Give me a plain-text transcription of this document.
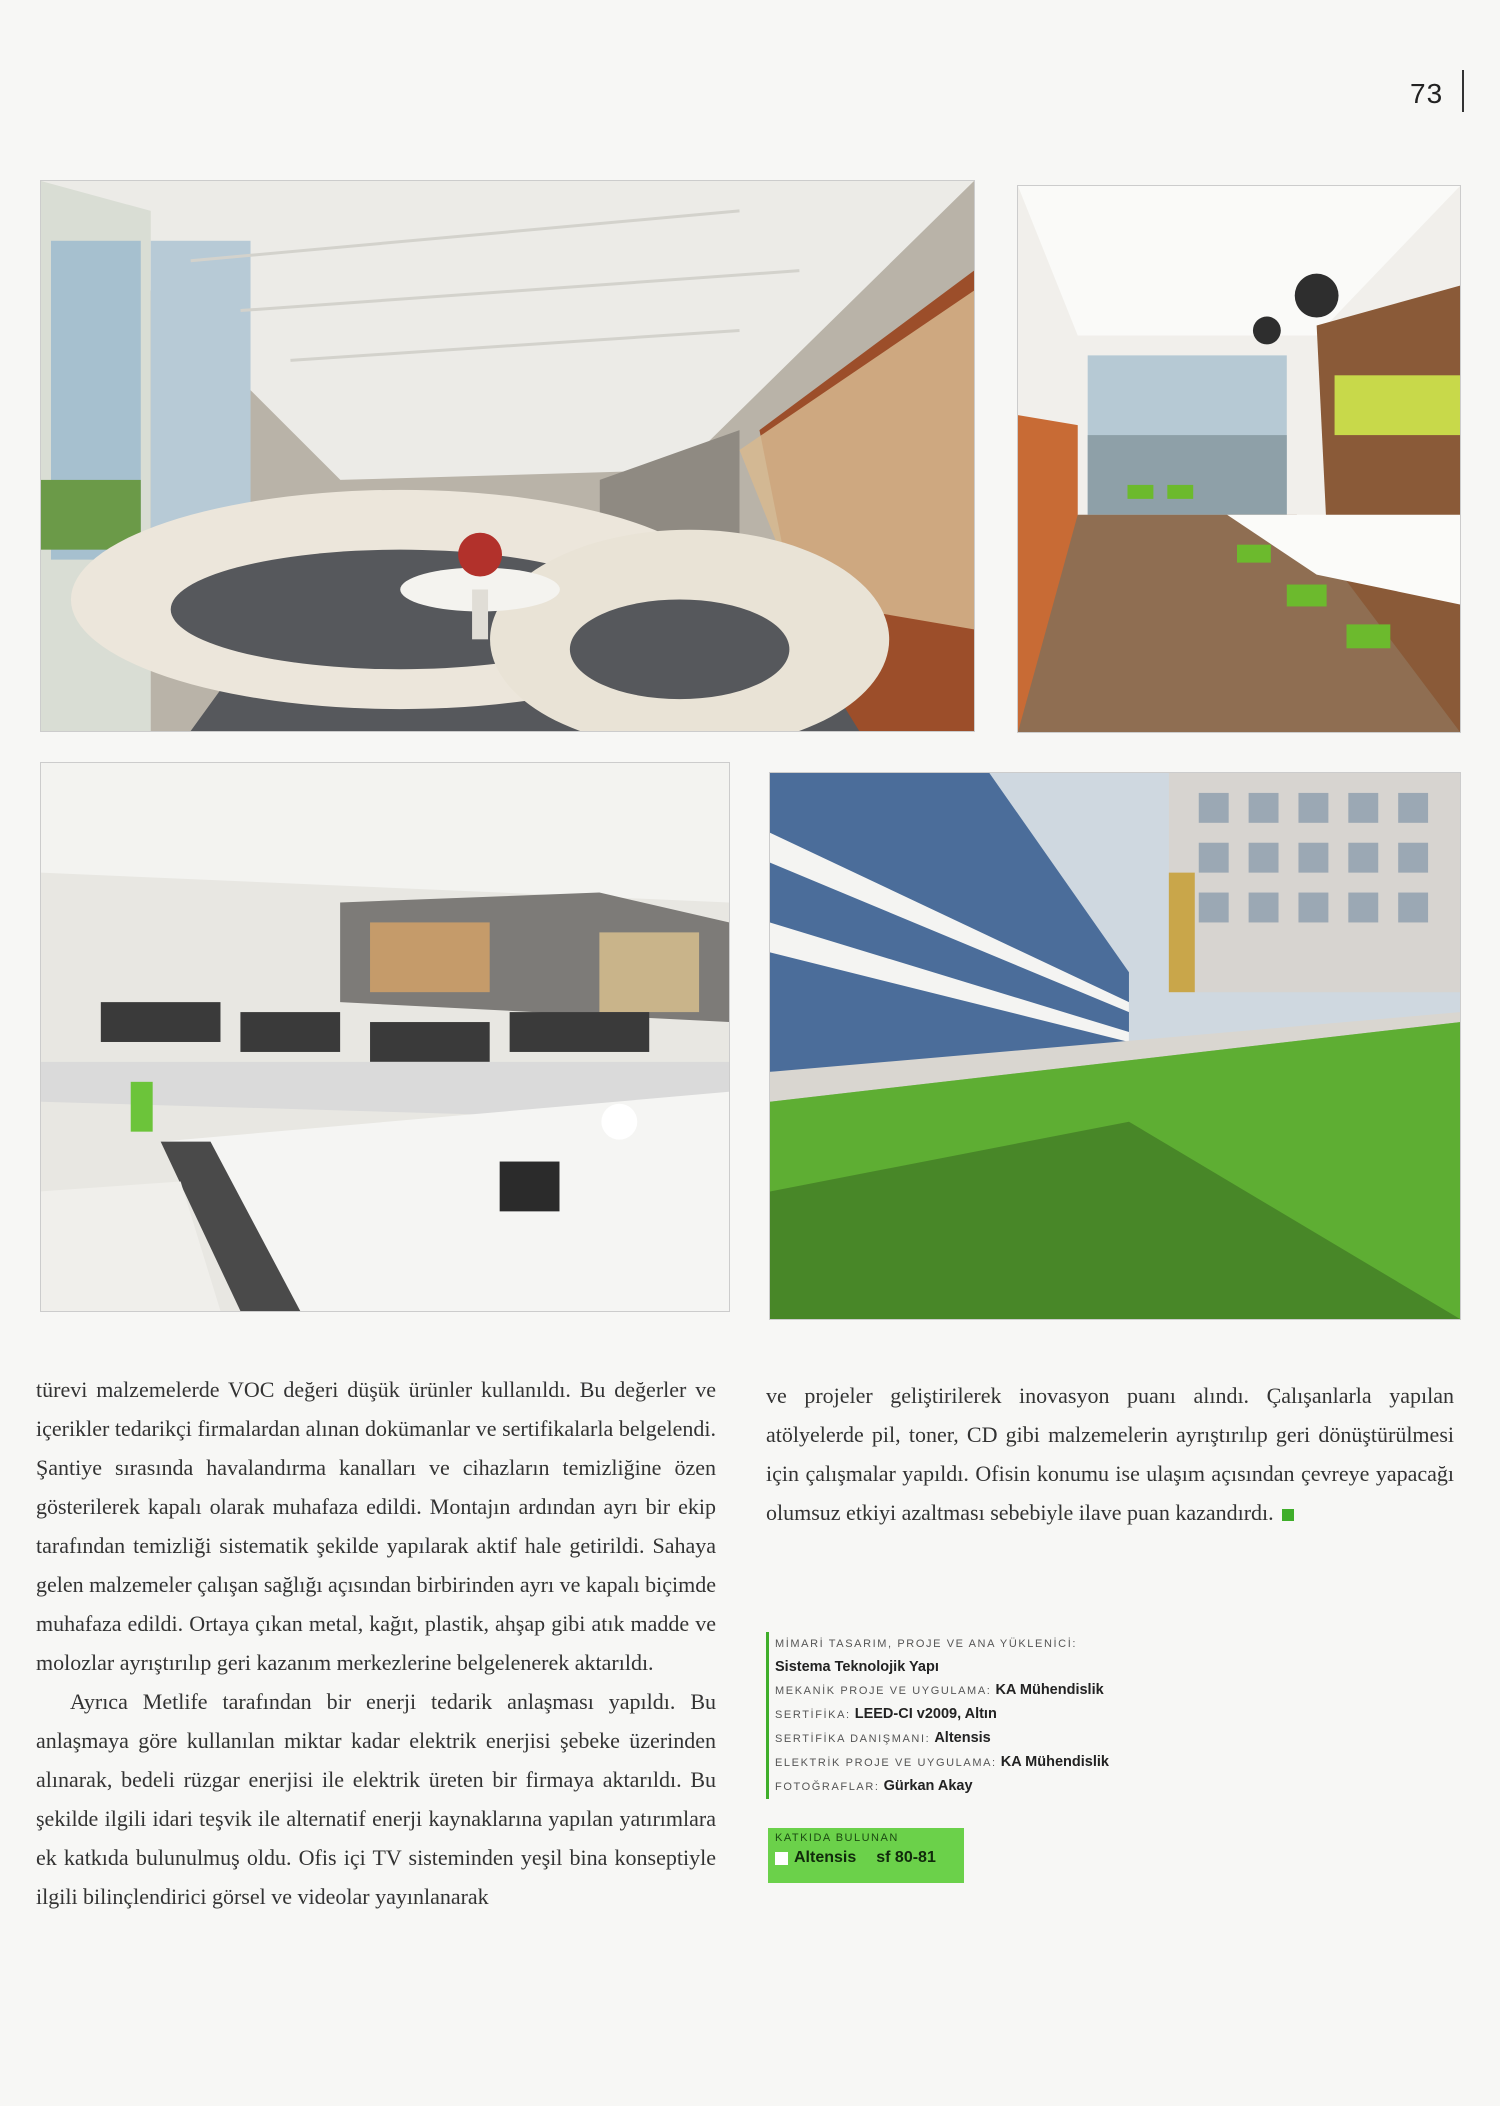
73

türevi malzemelerde VOC değeri düşük ürünler kullanıldı. Bu değerler ve içerikler tedarikçi firmalardan alınan dokümanlar ve sertifikalarla belgelendi. Şantiye sırasında havalandırma kanalları ve cihazların temizliğine özen gösterilerek kapalı olarak muhafaza edildi. Montajın ardından ayrı bir ekip tarafından temizliği sistematik şekilde yapılarak aktif hale getirildi. Sahaya gelen malzemeler çalışan sağlığı açısından birbirinden ayrı ve kapalı biçimde muhafaza edildi. Ortaya çıkan metal, kağıt, plastik, ahşap gibi atık madde ve molozlar ayrıştırılıp geri kazanım merkezlerine belgelenerek aktarıldı.

Ayrıca Metlife tarafından bir enerji tedarik anlaşması yapıldı. Bu anlaşmaya göre kullanılan miktar kadar elektrik enerjisi şebeke üzerinden alınarak, bedeli rüzgar enerjisi ile elektrik üreten bir firmaya aktarıldı. Bu şekilde ilgili idari teşvik ile alternatif enerji kaynaklarına yapılan yatırımlara ek katkıda bulunulmuş oldu. Ofis içi TV sisteminden yeşil bina konseptiyle ilgili bilinçlendirici görsel ve videolar yayınlanarak

ve projeler geliştirilerek inovasyon puanı alındı. Çalışanlarla yapılan atölyelerde pil, toner, CD gibi malzemelerin ayrıştırılıp geri dönüştürülmesi için çalışmalar yapıldı. Ofisin konumu ise ulaşım açısından çevreye yapacağı olumsuz etkiyi azaltması sebebiyle ilave puan kazandırdı.

MİMARİ TASARIM, PROJE VE ANA YÜKLENİCİ:
Sistema Teknolojik Yapı
MEKANİK PROJE VE UYGULAMA: KA Mühendislik
SERTİFİKA: LEED-CI v2009, Altın
SERTİFİKA DANIŞMANI: Altensis
ELEKTRİK PROJE VE UYGULAMA: KA Mühendislik
FOTOĞRAFLAR: Gürkan Akay
KATKIDA BULUNAN
Altensis sf 80-81
